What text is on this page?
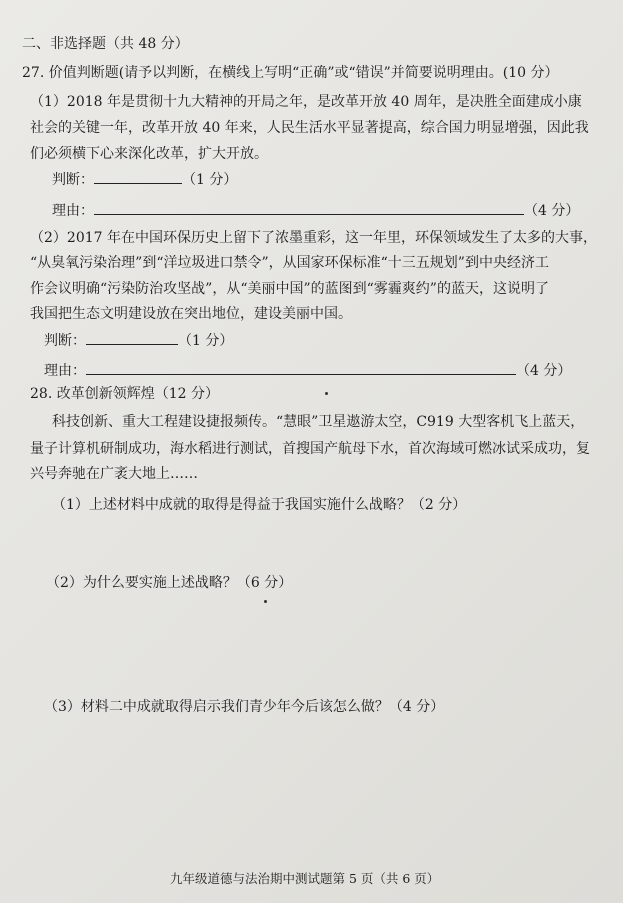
二、非选择题（共 48 分）
27. 价值判断题(请予以判断，在横线上写明“正确”或“错误”并简要说明理由。(10 分）
（1）2018 年是贯彻十九大精神的开局之年，是改革开放 40 周年，是决胜全面建成小康
社会的关键一年，改革开放 40 年来，人民生活水平显著提高，综合国力明显增强，因此我
们必须横下心来深化改革，扩大开放。
判断：	（1 分）
理由：	（4 分）
（2）2017 年在中国环保历史上留下了浓墨重彩，这一年里，环保领域发生了太多的大事，
“从臭氧污染治理”到“洋垃圾进口禁令”，从国家环保标准“十三五规划”到中央经济工
作会议明确“污染防治攻坚战”，从“美丽中国”的蓝图到“雾霾爽约”的蓝天，这说明了
我国把生态文明建设放在突出地位，建设美丽中国。
判断：	（1 分）
理由：	（4 分）
28. 改革创新领辉煌（12 分）
科技创新、重大工程建设捷报频传。“慧眼”卫星遨游太空，C919 大型客机飞上蓝天，
量子计算机研制成功，海水稻进行测试，首搜国产航母下水，首次海域可燃冰试采成功，复
兴号奔驰在广袤大地上……
（1）上述材料中成就的取得是得益于我国实施什么战略？（2 分）
（2）为什么要实施上述战略？（6 分）
（3）材料二中成就取得启示我们青少年今后该怎么做？（4 分）
九年级道德与法治期中测试题第 5 页（共 6 页）
